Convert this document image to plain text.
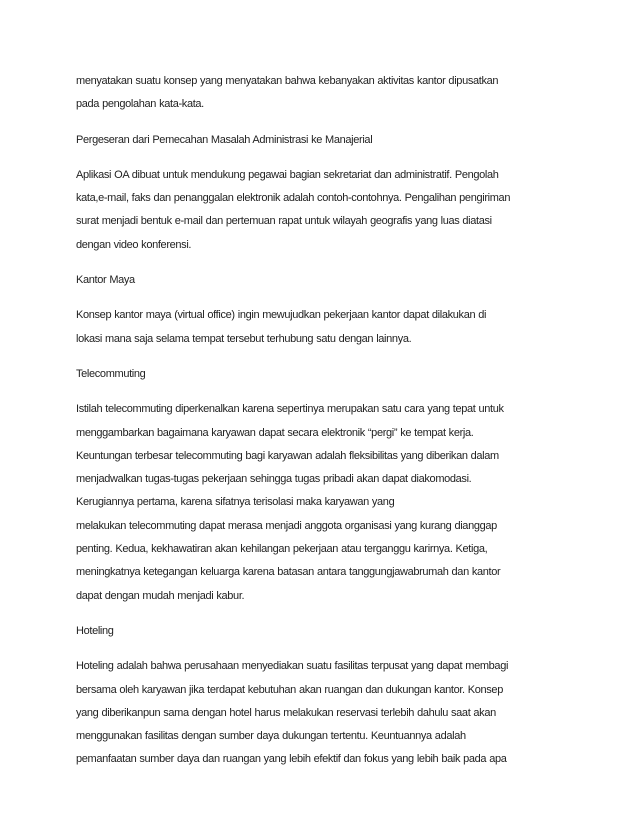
menyatakan suatu konsep yang menyatakan bahwa kebanyakan aktivitas kantor dipusatkan
pada pengolahan kata-kata.

Pergeseran dari Pemecahan Masalah Administrasi ke Manajerial

Aplikasi OA dibuat untuk mendukung pegawai bagian sekretariat dan administratif. Pengolah
kata,e-mail, faks dan penanggalan elektronik adalah contoh-contohnya. Pengalihan pengiriman
surat menjadi bentuk e-mail dan pertemuan rapat untuk wilayah geografis yang luas diatasi
dengan video konferensi.

Kantor Maya

Konsep kantor maya (virtual office) ingin mewujudkan pekerjaan kantor dapat dilakukan di
lokasi mana saja selama tempat tersebut terhubung satu dengan lainnya.

Telecommuting

Istilah telecommuting diperkenalkan karena sepertinya merupakan satu cara yang tepat untuk
menggambarkan bagaimana karyawan dapat secara elektronik “pergi” ke tempat kerja.
Keuntungan terbesar telecommuting bagi karyawan adalah fleksibilitas yang diberikan dalam
menjadwalkan tugas-tugas pekerjaan sehingga tugas pribadi akan dapat diakomodasi.
Kerugiannya pertama, karena sifatnya terisolasi maka karyawan yang
melakukan telecommuting dapat merasa menjadi anggota organisasi yang kurang dianggap
penting. Kedua, kekhawatiran akan kehilangan pekerjaan atau terganggu karirnya. Ketiga,
meningkatnya ketegangan keluarga karena batasan antara tanggungjawabrumah dan kantor
dapat dengan mudah menjadi kabur.

Hoteling

Hoteling adalah bahwa perusahaan menyediakan suatu fasilitas terpusat yang dapat membagi
bersama oleh karyawan jika terdapat kebutuhan akan ruangan dan dukungan kantor. Konsep
yang diberikanpun sama dengan hotel harus melakukan reservasi terlebih dahulu saat akan
menggunakan fasilitas dengan sumber daya dukungan tertentu. Keuntuannya adalah
pemanfaatan sumber daya dan ruangan yang lebih efektif dan fokus yang lebih baik pada apa
